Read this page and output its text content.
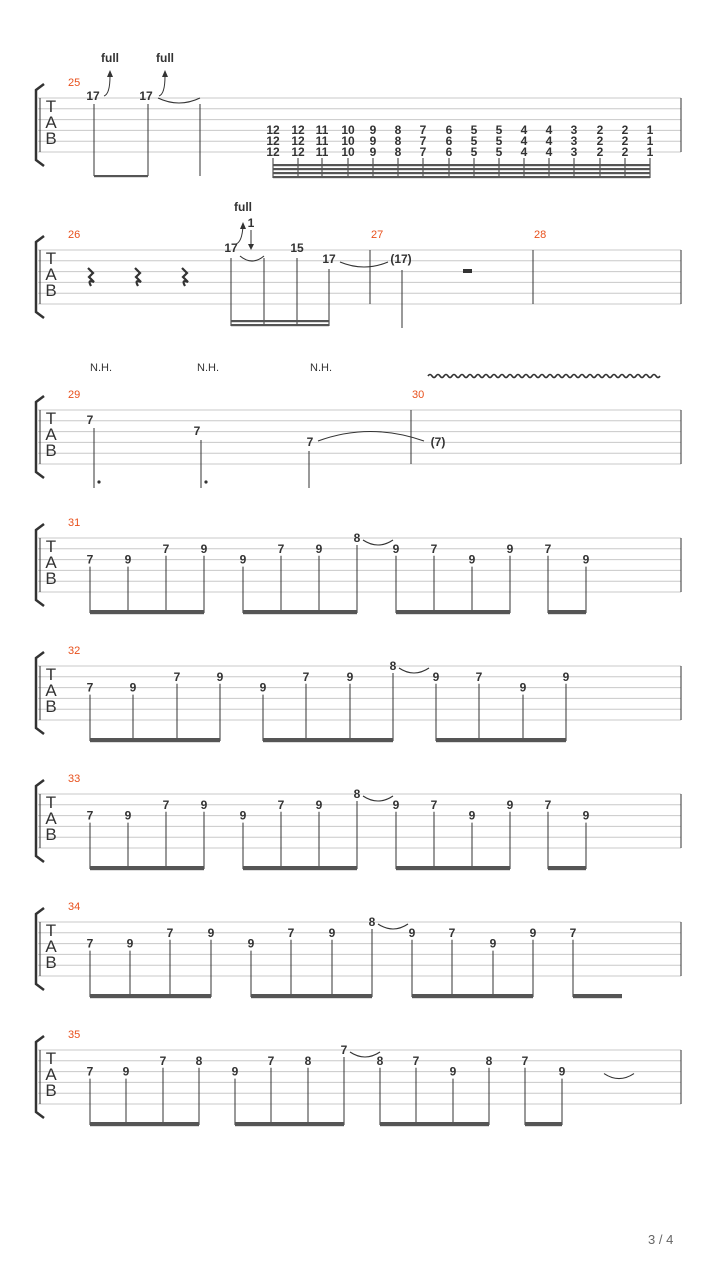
T
A
B
25
17
full
17
full
12
12
12
12
12
12
11
11
11
10
10
10
9
9
9
8
8
8
7
7
7
6
6
6
5
5
5
5
5
5
4
4
4
4
4
4
3
3
3
2
2
2
2
2
2
1
1
1
T
A
B
26	27	28
17
full
1
15
17	(17)
T
A
B
29	30
N.H.	N.H.	N.H.
7
7
7	(7)
T
A
B
31
7	9
7	9
9
7	9
8
9	7
9
9	7
9
T
A
B
32
7	9
7	9
9
7	9
8
9	7
9
9
T
A
B
33
7	9
7	9
9
7	9
8
9	7
9
9	7
9
T
A
B
34
7	9
7	9
9
7	9
8
9	7
9
9	7
T
A
B
35
7 9
7 8
9
7	8
7
8 7
9
8 7
9
3 / 4
